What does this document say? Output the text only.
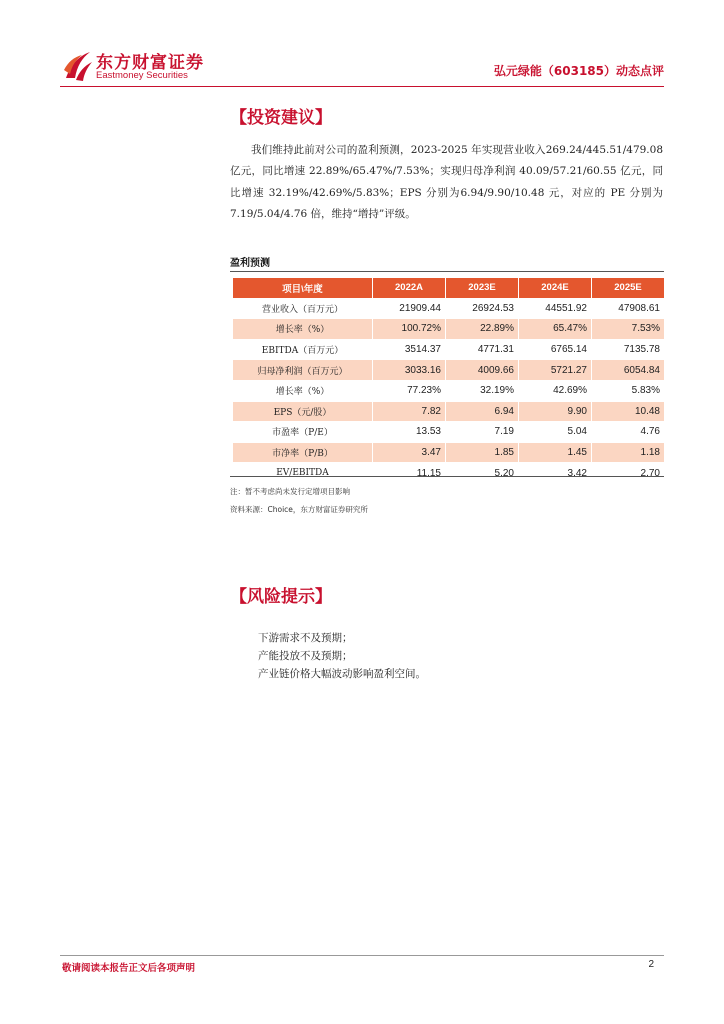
东方财富证券
Eastmoney Securities	弘元绿能（603185）动态点评
【投资建议】
我们维持此前对公司的盈利预测，2023-2025 年实现营业收入269.24/445.51/479.08 亿元，同比增速 22.89%/65.47%/7.53%；实现归母净利润 40.09/57.21/60.55 亿元，同比增速 32.19%/42.69%/5.83%；EPS 分别为6.94/9.90/10.48 元，对应的 PE 分别为 7.19/5.04/4.76 倍，维持“增持”评级。
盈利预测
项目\年度	2022A	2023E	2024E	2025E
营业收入（百万元）	21909.44	26924.53	44551.92	47908.61
增长率（%）	100.72%	22.89%	65.47%	7.53%
EBITDA（百万元）	3514.37	4771.31	6765.14	7135.78
归母净利润（百万元）	3033.16	4009.66	5721.27	6054.84
增长率（%）	77.23%	32.19%	42.69%	5.83%
EPS（元/股）	7.82	6.94	9.90	10.48
市盈率（P/E）	13.53	7.19	5.04	4.76
市净率（P/B）	3.47	1.85	1.45	1.18
EV/EBITDA	11.15	5.20	3.42	2.70
注：暂不考虑尚未发行定增项目影响
资料来源：Choice，东方财富证券研究所
【风险提示】
下游需求不及预期；
产能投放不及预期；
产业链价格大幅波动影响盈利空间。
敬请阅读本报告正文后各项声明	2
